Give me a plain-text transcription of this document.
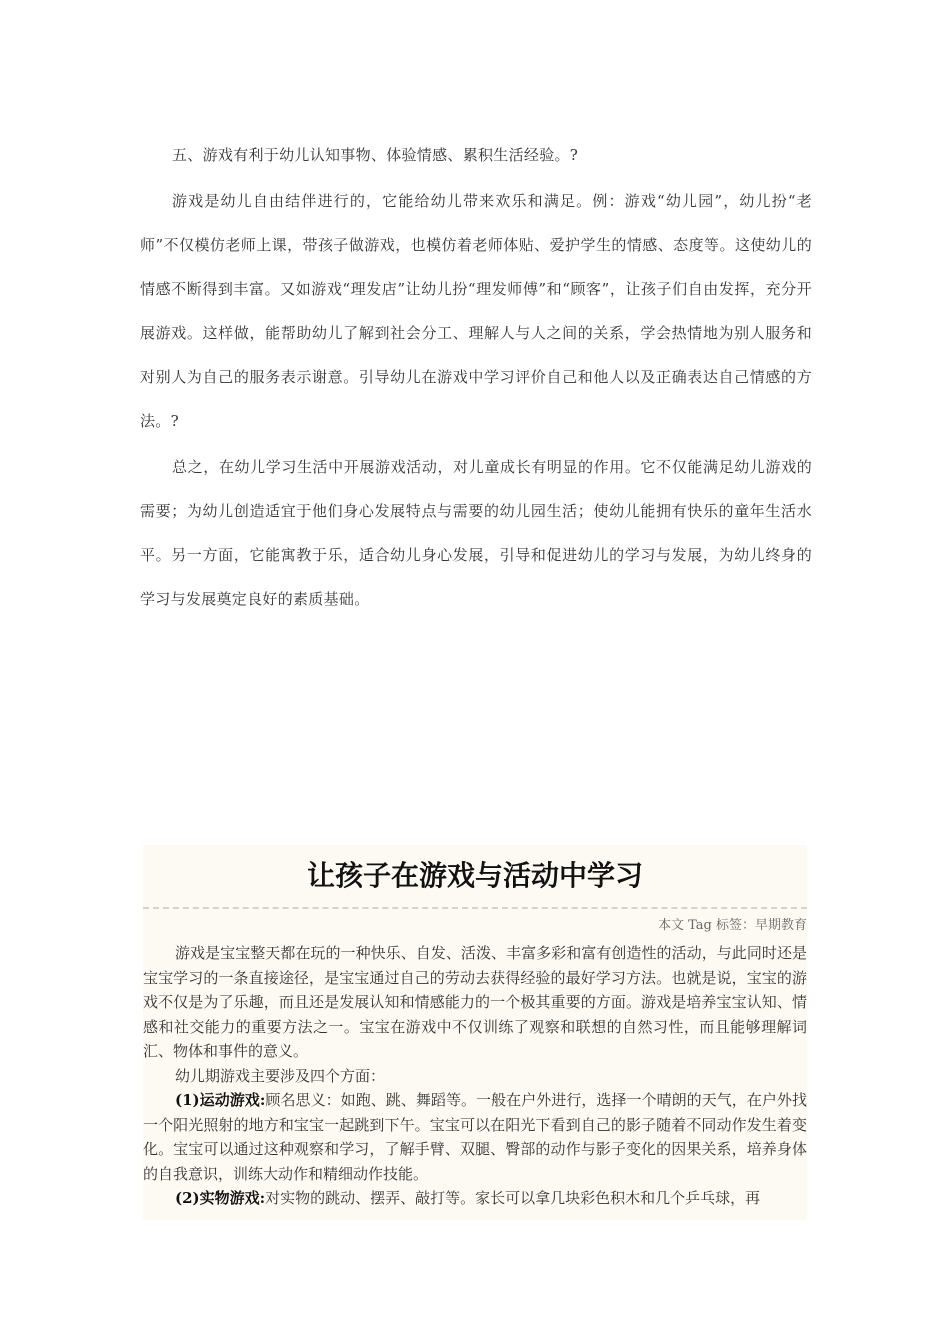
五、游戏有利于幼儿认知事物、体验情感、累积生活经验。?

游戏是幼儿自由结伴进行的，它能给幼儿带来欢乐和满足。例：游戏“幼儿园”，幼儿扮“老师”不仅模仿老师上课，带孩子做游戏，也模仿着老师体贴、爱护学生的情感、态度等。这使幼儿的情感不断得到丰富。又如游戏“理发店”让幼儿扮“理发师傅”和“顾客”，让孩子们自由发挥，充分开展游戏。这样做，能帮助幼儿了解到社会分工、理解人与人之间的关系，学会热情地为别人服务和对别人为自己的服务表示谢意。引导幼儿在游戏中学习评价自己和他人以及正确表达自己情感的方法。?

总之，在幼儿学习生活中开展游戏活动，对儿童成长有明显的作用。它不仅能满足幼儿游戏的需要；为幼儿创造适宜于他们身心发展特点与需要的幼儿园生活；使幼儿能拥有快乐的童年生活水平。另一方面，它能寓教于乐，适合幼儿身心发展，引导和促进幼儿的学习与发展，为幼儿终身的学习与发展奠定良好的素质基础。

让孩子在游戏与活动中学习
本文 Tag 标签：早期教育

游戏是宝宝整天都在玩的一种快乐、自发、活泼、丰富多彩和富有创造性的活动，与此同时还是宝宝学习的一条直接途径，是宝宝通过自己的劳动去获得经验的最好学习方法。也就是说，宝宝的游戏不仅是为了乐趣，而且还是发展认知和情感能力的一个极其重要的方面。游戏是培养宝宝认知、情感和社交能力的重要方法之一。宝宝在游戏中不仅训练了观察和联想的自然习性，而且能够理解词汇、物体和事件的意义。

幼儿期游戏主要涉及四个方面：

(1)运动游戏:顾名思义：如跑、跳、舞蹈等。一般在户外进行，选择一个晴朗的天气，在户外找一个阳光照射的地方和宝宝一起跳到下午。宝宝可以在阳光下看到自己的影子随着不同动作发生着变化。宝宝可以通过这种观察和学习，了解手臂、双腿、臀部的动作与影子变化的因果关系，培养身体的自我意识，训练大动作和精细动作技能。

(2)实物游戏:对实物的跳动、摆弄、敲打等。家长可以拿几块彩色积木和几个乒乓球，再
